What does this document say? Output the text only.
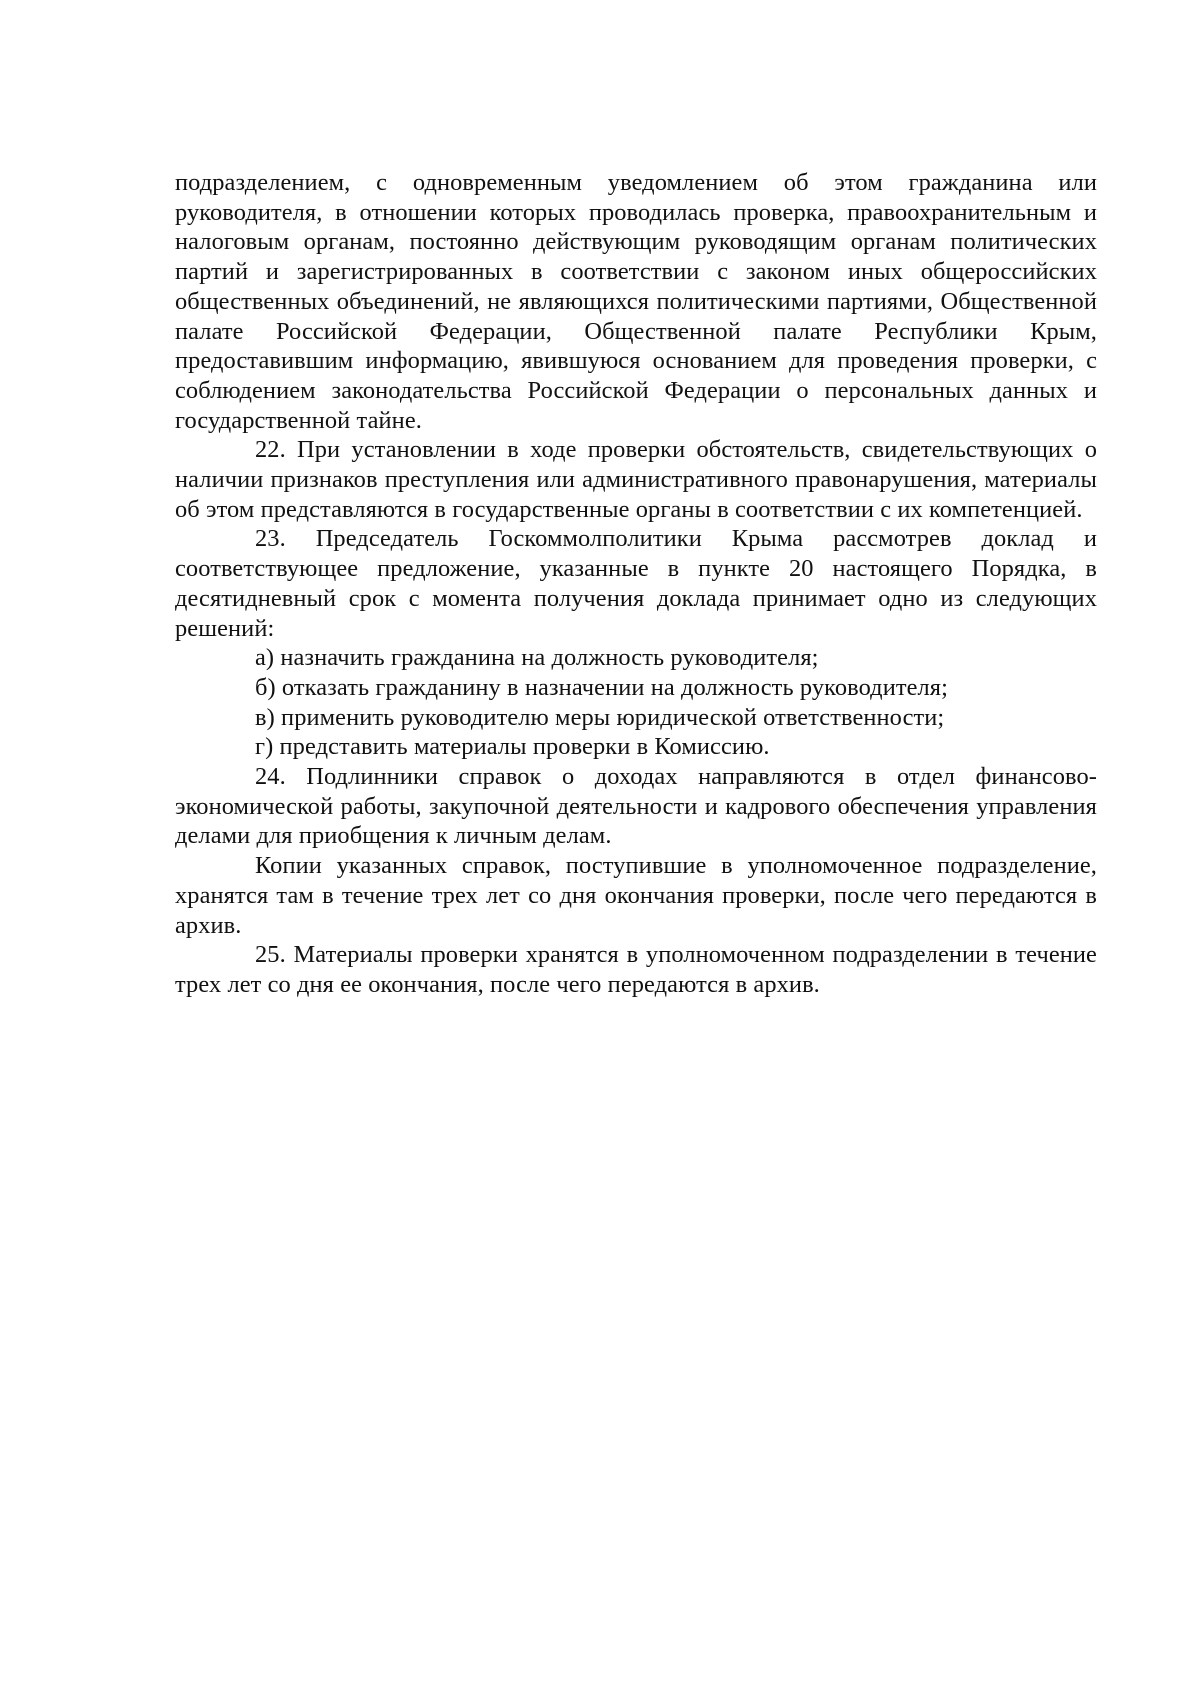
подразделением, с одновременным уведомлением об этом гражданина или руководителя, в отношении которых проводилась проверка, правоохранительным и налоговым органам, постоянно действующим руководящим органам политических партий и зарегистрированных в соответствии с законом иных общероссийских общественных объединений, не являющихся политическими партиями, Общественной палате Российской Федерации, Общественной палате Республики Крым, предоставившим информацию, явившуюся основанием для проведения проверки, с соблюдением законодательства Российской Федерации о персональных данных и государственной тайне.

22. При установлении в ходе проверки обстоятельств, свидетельствующих о наличии признаков преступления или административного правонарушения, материалы об этом представляются в государственные органы в соответствии с их компетенцией.

23. Председатель Госкоммолполитики Крыма рассмотрев доклад и соответствующее предложение, указанные в пункте 20 настоящего Порядка, в десятидневный срок с момента получения доклада принимает одно из следующих решений:

а) назначить гражданина на должность руководителя;

б) отказать гражданину в назначении на должность руководителя;

в) применить руководителю меры юридической ответственности;

г) представить материалы проверки в Комиссию.

24. Подлинники справок о доходах направляются в отдел финансово-экономической работы, закупочной деятельности и кадрового обеспечения управления делами для приобщения к личным делам.

Копии указанных справок, поступившие в уполномоченное подразделение, хранятся там в течение трех лет со дня окончания проверки, после чего передаются в архив.

25. Материалы проверки хранятся в уполномоченном подразделении в течение трех лет со дня ее окончания, после чего передаются в архив.
